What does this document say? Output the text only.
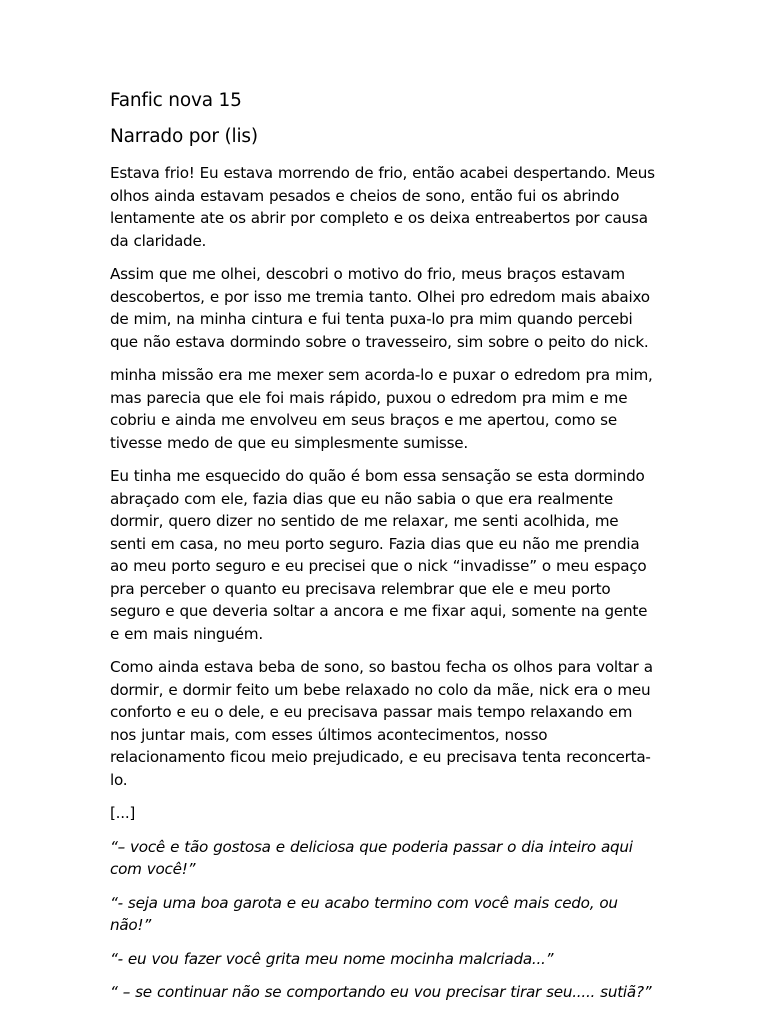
Fanfic nova 15
Narrado por (lis)

Estava frio! Eu estava morrendo de frio, então acabei despertando. Meus olhos ainda estavam pesados e cheios de sono, então fui os abrindo lentamente ate os abrir por completo e os deixa entreabertos por causa da claridade.

Assim que me olhei, descobri o motivo do frio, meus braços estavam descobertos, e por isso me tremia tanto. Olhei pro edredom mais abaixo de mim, na minha cintura e fui tenta puxa-lo pra mim quando percebi que não estava dormindo sobre o travesseiro, sim sobre o peito do nick.

minha missão era me mexer sem acorda-lo e puxar o edredom pra mim, mas parecia que ele foi mais rápido, puxou o edredom pra mim e me cobriu e ainda me envolveu em seus braços e me apertou, como se tivesse medo de que eu simplesmente sumisse.

Eu tinha me esquecido do quão é bom essa sensação se esta dormindo abraçado com ele, fazia dias que eu não sabia o que era realmente dormir, quero dizer no sentido de me relaxar, me senti acolhida, me senti em casa, no meu porto seguro. Fazia dias que eu não me prendia ao meu porto seguro e eu precisei que o nick “invadisse” o meu espaço pra perceber o quanto eu precisava relembrar que ele e meu porto seguro e que deveria soltar a ancora e me fixar aqui, somente na gente e em mais ninguém.

Como ainda estava beba de sono, so bastou fecha os olhos para voltar a dormir, e dormir feito um bebe relaxado no colo da mãe, nick era o meu conforto e eu o dele, e eu precisava passar mais tempo relaxando em nos juntar mais, com esses últimos acontecimentos, nosso relacionamento ficou meio prejudicado, e eu precisava tenta reconcerta-lo.

[...]

“– você e tão gostosa e deliciosa que poderia passar o dia inteiro aqui com você!”

“- seja uma boa garota e eu acabo termino com você mais cedo, ou não!”

“- eu vou fazer você grita meu nome mocinha malcriada...”

“ – se continuar não se comportando eu vou precisar tirar seu..... sutiã?”
